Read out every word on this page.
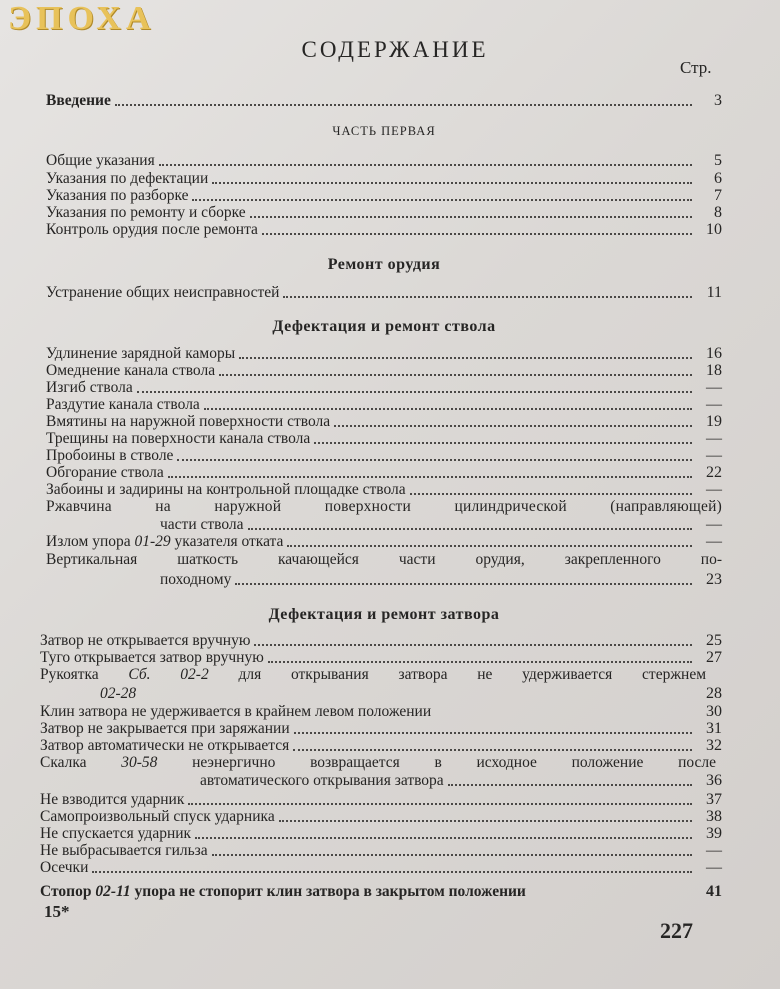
ЭПОХА
СОДЕРЖАНИЕ
Стр.
Введение	3
ЧАСТЬ ПЕРВАЯ
Общие указания	5
Указания по дефектации	6
Указания по разборке	7
Указания по ремонту и сборке	8
Контроль орудия после ремонта	10
Ремонт орудия
Устранение общих неисправностей	11
Дефектация и ремонт ствола
Удлинение зарядной каморы	16
Омеднение канала ствола	18
Изгиб ствола	—
Раздутие канала ствола	—
Вмятины на наружной поверхности ствола	19
Трещины на поверхности канала ствола	—
Пробоины в стволе	—
Обгорание ствола	22
Забоины и задирины на контрольной площадке ствола	—
Ржавчина на наружной поверхности цилиндрической (направляющей)
части ствола	—
Излом упора 01-29 указателя отката	—
Вертикальная шаткость качающейся части орудия, закрепленного по-
походному	23
Дефектация и ремонт затвора
Затвор не открывается вручную	25
Туго открывается затвор вручную	27
Рукоятка Сб. 02-2 для открывания затвора не удерживается стержнем
02-28	28
Клин затвора не удерживается в крайнем левом положении	30
Затвор не закрывается при заряжании	31
Затвор автоматически не открывается	32
Скалка 30-58 неэнергично возвращается в исходное положение после
автоматического открывания затвора	36
Не взводится ударник	37
Самопроизвольный спуск ударника	38
Не спускается ударник	39
Не выбрасывается гильза	—
Осечки	—
Стопор 02-11 упора не стопорит клин затвора в закрытом положении	41
15*
227
